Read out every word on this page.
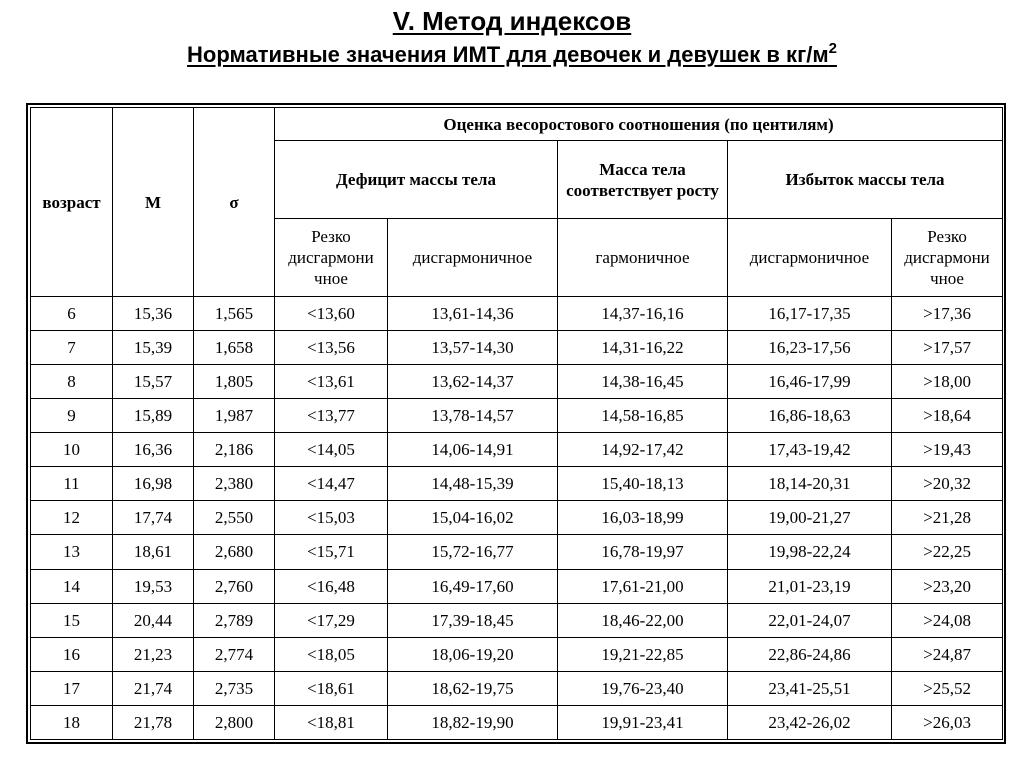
V. Метод индексов
Нормативные значения ИМТ для девочек и девушек в $кг/м^2$
возраст	М	σ	Оценка весоростового соотношения (по центилям)				
			Дефицит массы тела		Масса тела соответствует росту	Избыток массы тела	
			Резко дисгармони чное	дисгармоничное	гармоничное	дисгармоничное	Резко дисгармони чное
6	15,36	1,565	<13,60	13,61-14,36	14,37-16,16	16,17-17,35	>17,36
7	15,39	1,658	<13,56	13,57-14,30	14,31-16,22	16,23-17,56	>17,57
8	15,57	1,805	<13,61	13,62-14,37	14,38-16,45	16,46-17,99	>18,00
9	15,89	1,987	<13,77	13,78-14,57	14,58-16,85	16,86-18,63	>18,64
10	16,36	2,186	<14,05	14,06-14,91	14,92-17,42	17,43-19,42	>19,43
11	16,98	2,380	<14,47	14,48-15,39	15,40-18,13	18,14-20,31	>20,32
12	17,74	2,550	<15,03	15,04-16,02	16,03-18,99	19,00-21,27	>21,28
13	18,61	2,680	<15,71	15,72-16,77	16,78-19,97	19,98-22,24	>22,25
14	19,53	2,760	<16,48	16,49-17,60	17,61-21,00	21,01-23,19	>23,20
15	20,44	2,789	<17,29	17,39-18,45	18,46-22,00	22,01-24,07	>24,08
16	21,23	2,774	<18,05	18,06-19,20	19,21-22,85	22,86-24,86	>24,87
17	21,74	2,735	<18,61	18,62-19,75	19,76-23,40	23,41-25,51	>25,52
18	21,78	2,800	<18,81	18,82-19,90	19,91-23,41	23,42-26,02	>26,03
